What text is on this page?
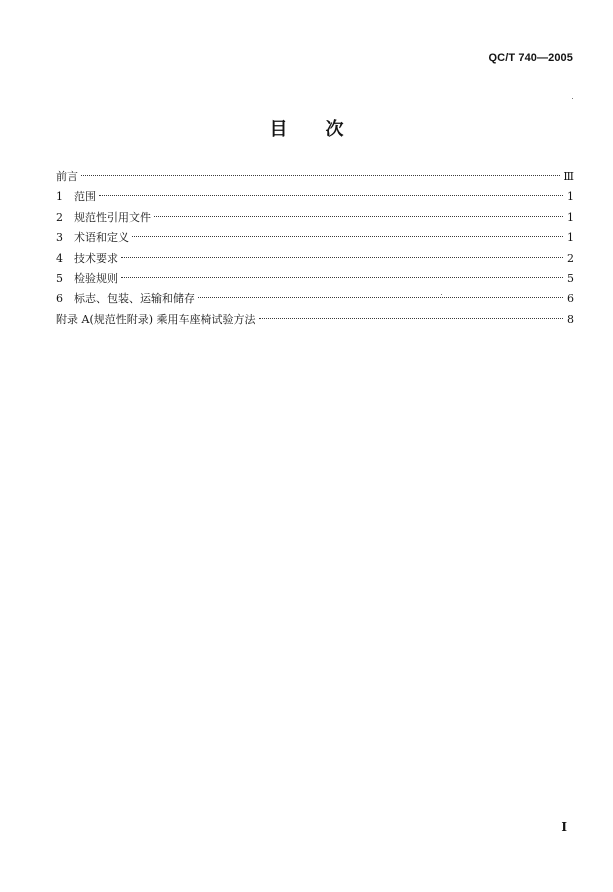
QC/T 740—2005
目 次
前言	Ⅲ
1	范围	1
2	规范性引用文件	1
3	术语和定义	1
4	技术要求	2
5	检验规则	5
6	标志、包装、运输和储存	6
附录 A(规范性附录) 乘用车座椅试验方法	8
I
